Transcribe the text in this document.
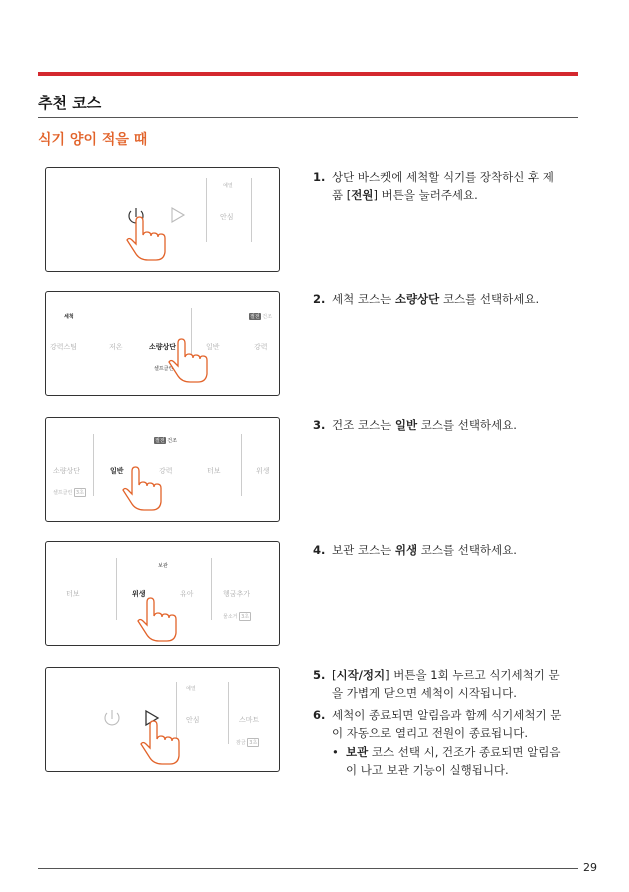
추천 코스
식기 양이 적을 때
예열
안심
세척	절전 건조
강력스팀	저온	소량상단	일반	강력
셀프클린
절전 건조
소량상단	일반	강력	터보	위생
셀프클린 3초
보관
터보	위생	유아	헹굼추가
물소거 3초
예열
안심	스마트
잠금 3초
1. 상단 바스켓에 세척할 식기를 장착하신 후 제품 [전원] 버튼을 눌러주세요.
2. 세척 코스는 소량상단 코스를 선택하세요.
3. 건조 코스는 일반 코스를 선택하세요.
4. 보관 코스는 위생 코스를 선택하세요.
5. [시작/정지] 버튼을 1회 누르고 식기세척기 문을 가볍게 닫으면 세척이 시작됩니다.
6. 세척이 종료되면 알림음과 함께 식기세척기 문이 자동으로 열리고 전원이 종료됩니다.
• 보관 코스 선택 시, 건조가 종료되면 알림음이 나고 보관 기능이 실행됩니다.
29
